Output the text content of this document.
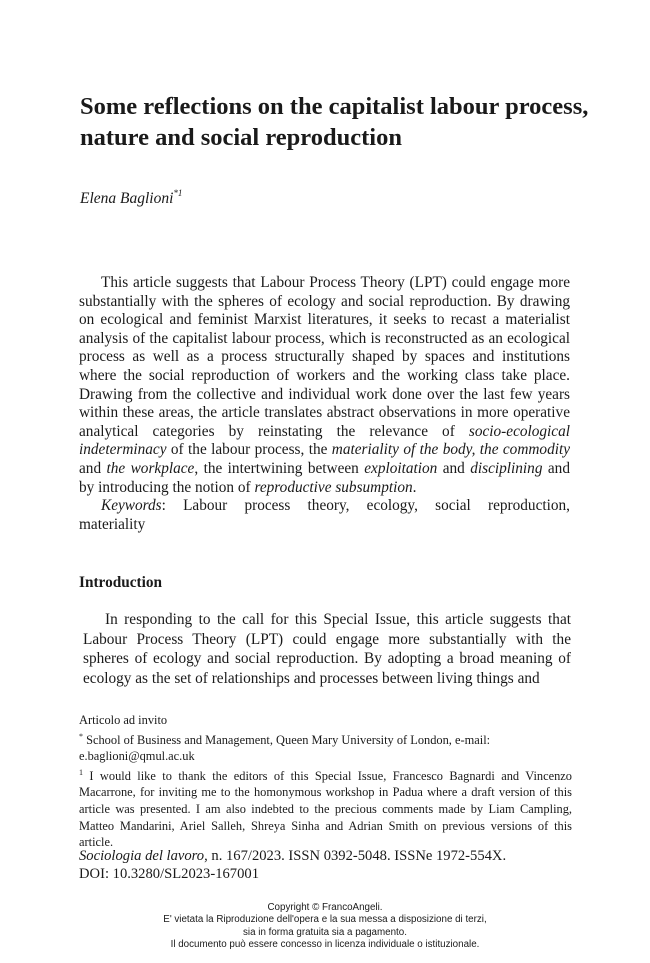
Some reflections on the capitalist labour process, nature and social reproduction
Elena Baglioni$^{*1}$

This article suggests that Labour Process Theory (LPT) could engage more substantially with the spheres of ecology and social reproduction. By drawing on ecological and feminist Marxist literatures, it seeks to recast a materialist analysis of the capitalist labour process, which is reconstructed as an ecological process as well as a process structurally shaped by spaces and institutions where the social reproduction of workers and the working class take place. Drawing from the collective and individual work done over the last few years within these areas, the article translates abstract observations in more operative analytical categories by reinstating the relevance of socio-ecological indeterminacy of the labour process, the materiality of the body, the commodity and the workplace, the intertwining between exploitation and disciplining and by introducing the notion of reproductive subsumption.

Keywords: Labour process theory, ecology, social reproduction,

materiality
Introduction

In responding to the call for this Special Issue, this article suggests that Labour Process Theory (LPT) could engage more substantially with the spheres of ecology and social reproduction. By adopting a broad meaning of ecology as the set of relationships and processes between living things and

Articolo ad invito
* School of Business and Management, Queen Mary University of London, e-mail:
e.baglioni@qmul.ac.uk
$^1$ I would like to thank the editors of this Special Issue, Francesco Bagnardi and Vincenzo Macarrone, for inviting me to the homonymous workshop in Padua where a draft version of this article was presented. I am also indebted to the precious comments made by Liam Campling, Matteo Mandarini, Ariel Salleh, Shreya Sinha and Adrian Smith on previous versions of this article.
Sociologia del lavoro, n. 167/2023. ISSN 0392-5048. ISSNe 1972-554X.
DOI: 10.3280/SL2023-167001
Copyright © FrancoAngeli.
E' vietata la Riproduzione dell'opera e la sua messa a disposizione di terzi,
sia in forma gratuita sia a pagamento.
Il documento può essere concesso in licenza individuale o istituzionale.
